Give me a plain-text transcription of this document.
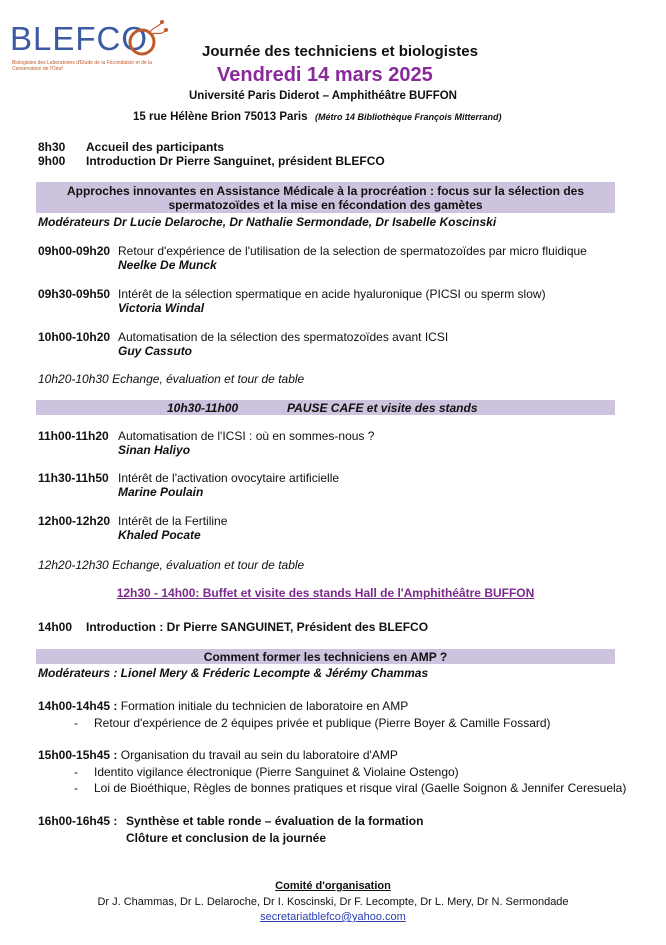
BLEFCO
Biologistes des Laboratoires d'Etude de la Fécondation et de la Conservation de l'Oeuf
Journée des techniciens et biologistes
Vendredi 14 mars 2025
Université Paris Diderot – Amphithéâtre BUFFON
15 rue Hélène Brion 75013 Paris (Métro 14 Bibliothèque François Mitterrand)
8h30 Accueil des participants
9h00 Introduction Dr Pierre Sanguinet, président BLEFCO
Approches innovantes en Assistance Médicale à la procréation : focus sur la sélection des
spermatozoïdes et la mise en fécondation des gamètes
Modérateurs Dr Lucie Delaroche, Dr Nathalie Sermondade, Dr Isabelle Koscinski
09h00-09h20 Retour d'expérience de l'utilisation de la selection de spermatozoïdes par micro fluidique
Neelke De Munck
09h30-09h50 Intérêt de la sélection spermatique en acide hyaluronique (PICSI ou sperm slow)
Victoria Windal
10h00-10h20 Automatisation de la sélection des spermatozoïdes avant ICSI
Guy Cassuto
10h20-10h30 Echange, évaluation et tour de table
10h30-11h00	PAUSE CAFE et visite des stands
11h00-11h20 Automatisation de l'ICSI : où en sommes-nous ?
Sinan Haliyo
11h30-11h50 Intérêt de l'activation ovocytaire artificielle
Marine Poulain
12h00-12h20 Intérêt de la Fertiline
Khaled Pocate
12h20-12h30 Echange, évaluation et tour de table
12h30 - 14h00: Buffet et visite des stands Hall de l'Amphithéâtre BUFFON
14h00 Introduction : Dr Pierre SANGUINET, Président des BLEFCO
Comment former les techniciens en AMP ?
Modérateurs : Lionel Mery & Fréderic Lecompte & Jérémy Chammas
14h00-14h45 : Formation initiale du technicien de laboratoire en AMP
- Retour d'expérience de 2 équipes privée et publique (Pierre Boyer & Camille Fossard)
15h00-15h45 : Organisation du travail au sein du laboratoire d'AMP
- Identito vigilance électronique (Pierre Sanguinet & Violaine Ostengo)
- Loi de Bioéthique, Règles de bonnes pratiques et risque viral (Gaelle Soignon & Jennifer Ceresuela)
16h00-16h45 : Synthèse et table ronde – évaluation de la formation
Clôture et conclusion de la journée
Comité d'organisation
Dr J. Chammas, Dr L. Delaroche, Dr I. Koscinski, Dr F. Lecompte, Dr L. Mery, Dr N. Sermondade
secretariatblefco@yahoo.com
